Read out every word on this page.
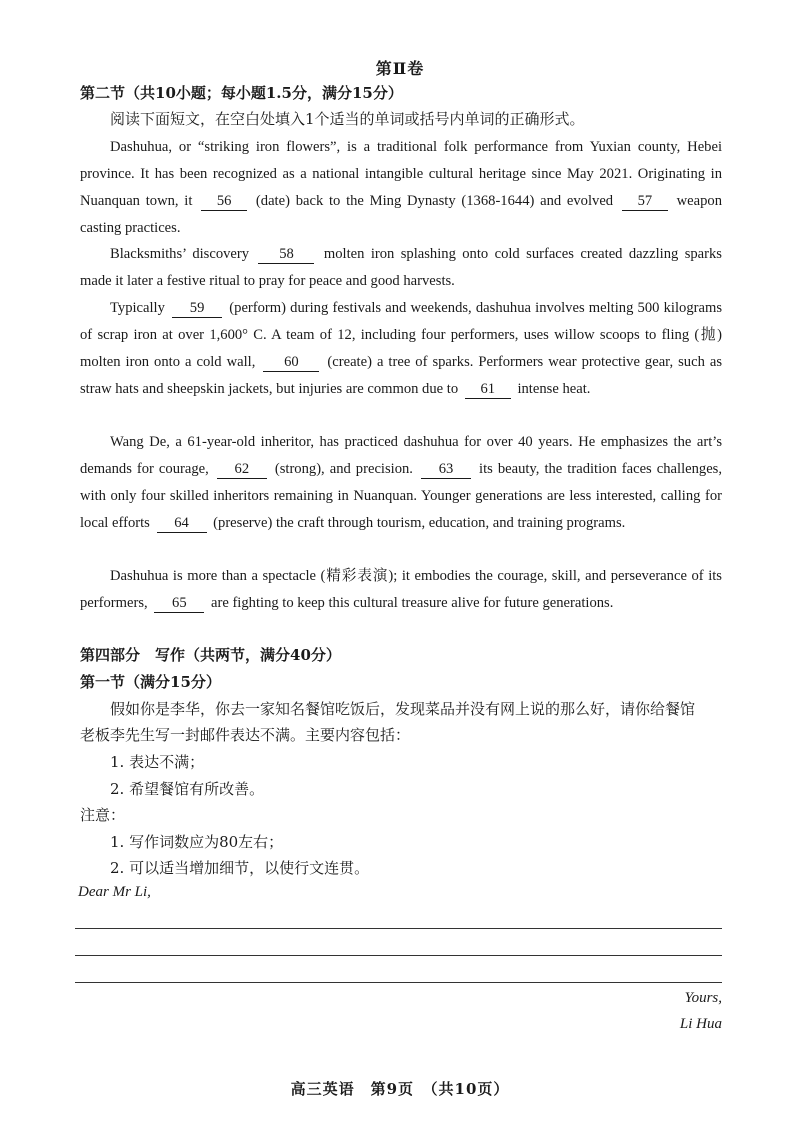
第Ⅱ卷
第二节（共10小题；每小题1.5分，满分15分）
阅读下面短文，在空白处填入1个适当的单词或括号内单词的正确形式。
Dashuhua, or “striking iron flowers”, is a traditional folk performance from Yuxian county, Hebei province. It has been recognized as a national intangible cultural heritage since May 2021. Originating in Nuanquan town, it 56 (date) back to the Ming Dynasty (1368-1644) and evolved 57 weapon casting practices.
Blacksmiths’ discovery 58 molten iron splashing onto cold surfaces created dazzling sparks made it later a festive ritual to pray for peace and good harvests.
Typically 59 (perform) during festivals and weekends, dashuhua involves melting 500 kilograms of scrap iron at over 1,600° C. A team of 12, including four performers, uses willow scoops to fling (抛) molten iron onto a cold wall, 60 (create) a tree of sparks. Performers wear protective gear, such as straw hats and sheepskin jackets, but injuries are common due to 61 intense heat.
Wang De, a 61-year-old inheritor, has practiced dashuhua for over 40 years. He emphasizes the art’s demands for courage, 62 (strong), and precision. 63 its beauty, the tradition faces challenges, with only four skilled inheritors remaining in Nuanquan. Younger generations are less interested, calling for local efforts 64 (preserve) the craft through tourism, education, and training programs.
Dashuhua is more than a spectacle (精彩表演); it embodies the courage, skill, and perseverance of its performers, 65 are fighting to keep this cultural treasure alive for future generations.
第四部分　写作（共两节，满分40分）
第一节（满分15分）
假如你是李华，你去一家知名餐馆吃饭后，发现菜品并没有网上说的那么好，请你给餐馆
老板李先生写一封邮件表达不满。主要内容包括：
1. 表达不满；
2. 希望餐馆有所改善。
注意：
1. 写作词数应为80左右；
2. 可以适当增加细节，以使行文连贯。
Dear Mr Li,
Yours,
Li Hua
高三英语　第9页　（共10页）
